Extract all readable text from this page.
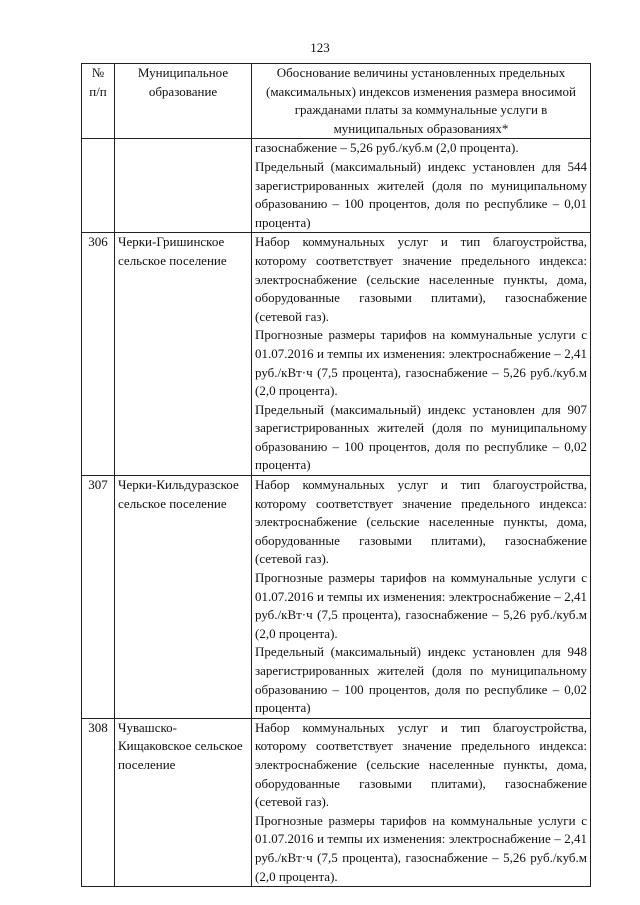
123
№ п/п	Муниципальное образование	Обоснование величины установленных предельных (максимальных) индексов изменения размера вносимой гражданами платы за коммунальные услуги в муниципальных образованиях*

		газоснабжение – 5,26 руб./куб.м (2,0 процента).
Предельный (максимальный) индекс установлен для 544 зарегистрированных жителей (доля по муниципальному образованию – 100 процентов, доля по республике – 0,01 процента)

306	Черки-Гришинское сельское поселение	Набор коммунальных услуг и тип благоустройства, которому соответствует значение предельного индекса: электроснабжение (сельские населенные пункты, дома, оборудованные газовыми плитами), газоснабжение (сетевой газ).
Прогнозные размеры тарифов на коммунальные услуги с 01.07.2016 и темпы их изменения: электроснабжение – 2,41 руб./кВт·ч (7,5 процента), газоснабжение – 5,26 руб./куб.м (2,0 процента).
Предельный (максимальный) индекс установлен для 907 зарегистрированных жителей (доля по муниципальному образованию – 100 процентов, доля по республике – 0,02 процента)

307	Черки-Кильдуразское сельское поселение	Набор коммунальных услуг и тип благоустройства, которому соответствует значение предельного индекса: электроснабжение (сельские населенные пункты, дома, оборудованные газовыми плитами), газоснабжение (сетевой газ).
Прогнозные размеры тарифов на коммунальные услуги с 01.07.2016 и темпы их изменения: электроснабжение – 2,41 руб./кВт·ч (7,5 процента), газоснабжение – 5,26 руб./куб.м (2,0 процента).
Предельный (максимальный) индекс установлен для 948 зарегистрированных жителей (доля по муниципальному образованию – 100 процентов, доля по республике – 0,02 процента)

308	Чувашско-Кищаковское сельское поселение	Набор коммунальных услуг и тип благоустройства, которому соответствует значение предельного индекса: электроснабжение (сельские населенные пункты, дома, оборудованные газовыми плитами), газоснабжение (сетевой газ).
Прогнозные размеры тарифов на коммунальные услуги с 01.07.2016 и темпы их изменения: электроснабжение – 2,41 руб./кВт·ч (7,5 процента), газоснабжение – 5,26 руб./куб.м (2,0 процента).
